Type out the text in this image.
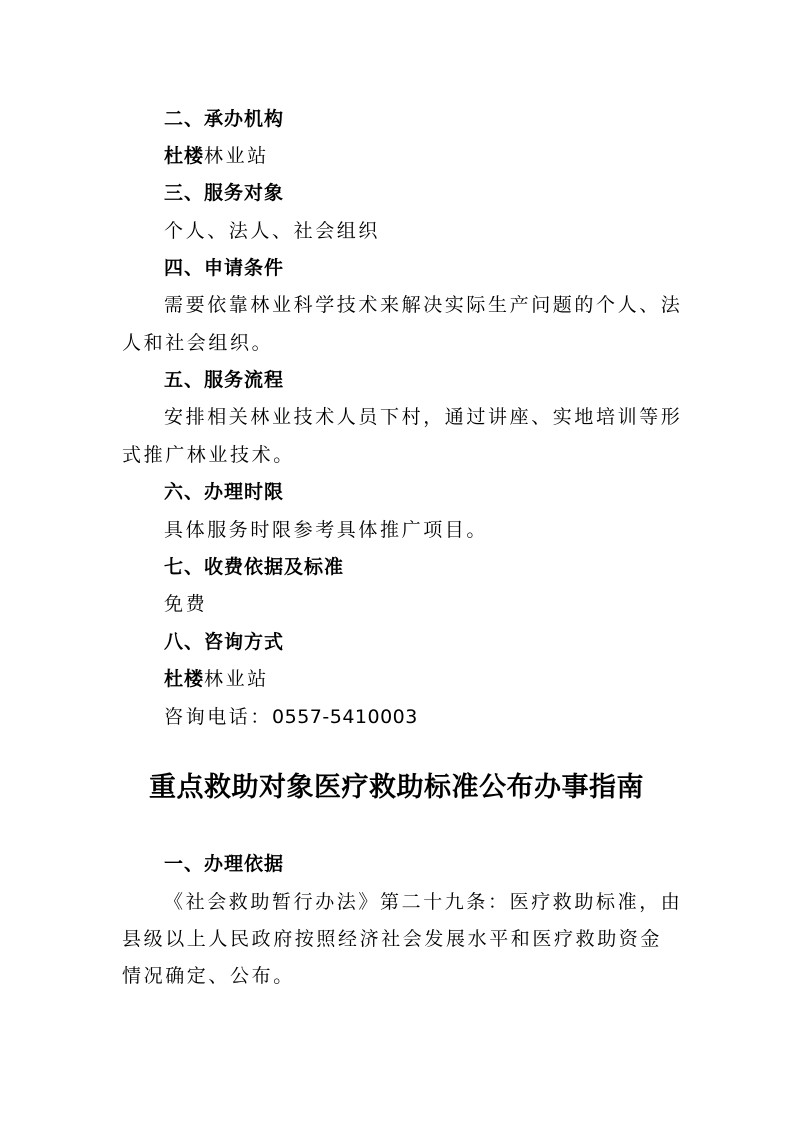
二、承办机构
杜楼林业站
三、服务对象
个人、法人、社会组织
四、申请条件
需要依靠林业科学技术来解决实际生产问题的个人、法
人和社会组织。
五、服务流程
安排相关林业技术人员下村，通过讲座、实地培训等形
式推广林业技术。
六、办理时限
具体服务时限参考具体推广项目。
七、收费依据及标准
免费
八、咨询方式
杜楼林业站
咨询电话：0557-5410003
重点救助对象医疗救助标准公布办事指南
一、办理依据
《社会救助暂行办法》第二十九条：医疗救助标准，由
县级以上人民政府按照经济社会发展水平和医疗救助资金
情况确定、公布。
